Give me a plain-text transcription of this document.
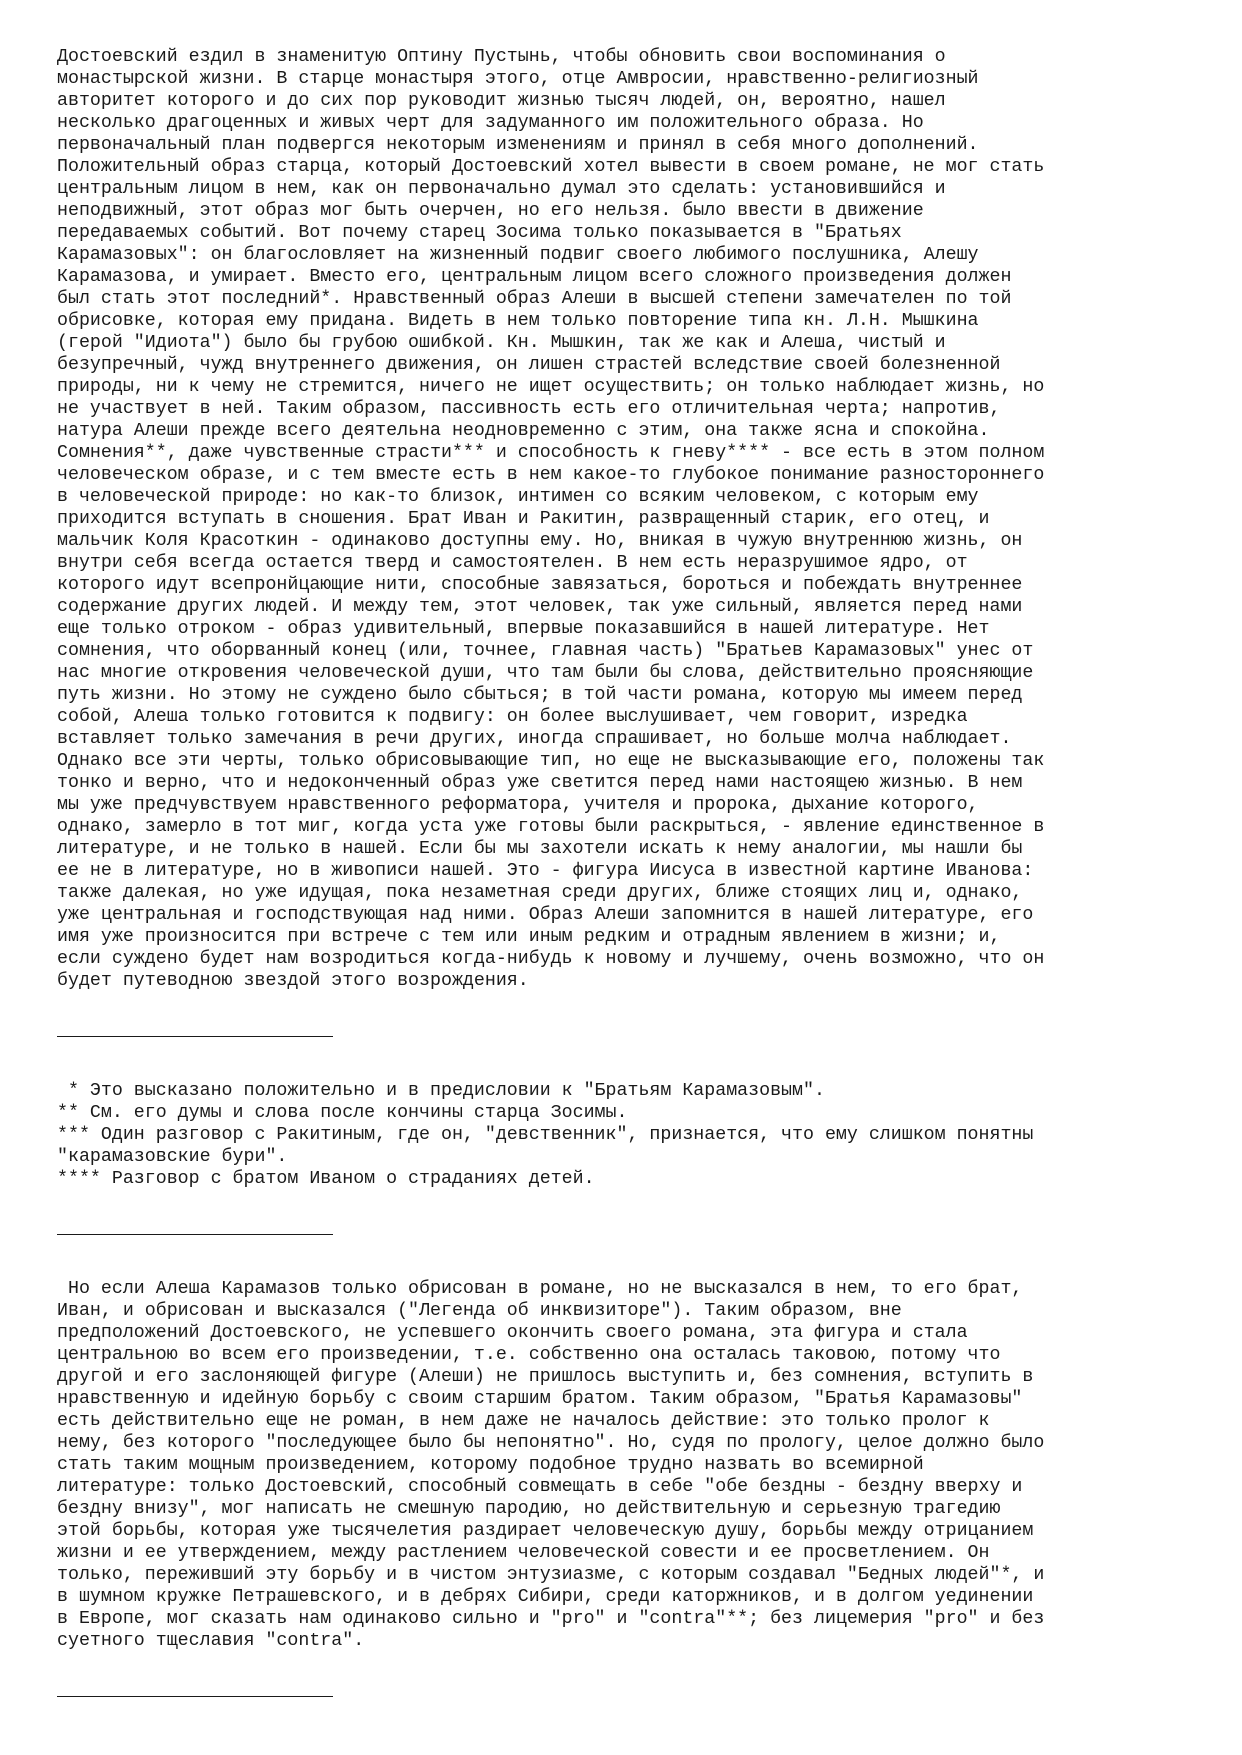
Достоевский ездил в знаменитую Оптину Пустынь, чтобы обновить свои воспоминания о
монастырской жизни. В старце монастыря этого, отце Амвросии, нравственно-религиозный
авторитет которого и до сих пор руководит жизнью тысяч людей, он, вероятно, нашел
несколько драгоценных и живых черт для задуманного им положительного образа. Но
первоначальный план подвергся некоторым изменениям и принял в себя много дополнений.
Положительный образ старца, который Достоевский хотел вывести в своем романе, не мог стать
центральным лицом в нем, как он первоначально думал это сделать: установившийся и
неподвижный, этот образ мог быть очерчен, но его нельзя. было ввести в движение
передаваемых событий. Вот почему старец Зосима только показывается в "Братьях
Карамазовых": он благословляет на жизненный подвиг своего любимого послушника, Алешу
Карамазова, и умирает. Вместо его, центральным лицом всего сложного произведения должен
был стать этот последний*. Нравственный образ Алеши в высшей степени замечателен по той
обрисовке, которая ему придана. Видеть в нем только повторение типа кн. Л.Н. Мышкина
(герой "Идиота") было бы грубою ошибкой. Кн. Мышкин, так же как и Алеша, чистый и
безупречный, чужд внутреннего движения, он лишен страстей вследствие своей болезненной
природы, ни к чему не стремится, ничего не ищет осуществить; он только наблюдает жизнь, но
не участвует в ней. Таким образом, пассивность есть его отличительная черта; напротив,
натура Алеши прежде всего деятельна неодновременно с этим, она также ясна и спокойна.
Сомнения**, даже чувственные страсти*** и способность к гневу**** - все есть в этом полном
человеческом образе, и с тем вместе есть в нем какое-то глубокое понимание разностороннего
в человеческой природе: но как-то близок, интимен со всяким человеком, с которым ему
приходится вступать в сношения. Брат Иван и Ракитин, развращенный старик, его отец, и
мальчик Коля Красоткин - одинаково доступны ему. Но, вникая в чужую внутреннюю жизнь, он
внутри себя всегда остается тверд и самостоятелен. В нем есть неразрушимое ядро, от
которого идут всепронйцающие нити, способные завязаться, бороться и побеждать внутреннее
содержание других людей. И между тем, этот человек, так уже сильный, является перед нами
еще только отроком - образ удивительный, впервые показавшийся в нашей литературе. Нет
сомнения, что оборванный конец (или, точнее, главная часть) "Братьев Карамазовых" унес от
нас многие откровения человеческой души, что там были бы слова, действительно проясняющие
путь жизни. Но этому не суждено было сбыться; в той части романа, которую мы имеем перед
собой, Алеша только готовится к подвигу: он более выслушивает, чем говорит, изредка
вставляет только замечания в речи других, иногда спрашивает, но больше молча наблюдает.
Однако все эти черты, только обрисовывающие тип, но еще не высказывающие его, положены так
тонко и верно, что и недоконченный образ уже светится перед нами настоящею жизнью. В нем
мы уже предчувствуем нравственного реформатора, учителя и пророка, дыхание которого,
однако, замерло в тот миг, когда уста уже готовы были раскрыться, - явление единственное в
литературе, и не только в нашей. Если бы мы захотели искать к нему аналогии, мы нашли бы
ее не в литературе, но в живописи нашей. Это - фигура Иисуса в известной картине Иванова:
также далекая, но уже идущая, пока незаметная среди других, ближе стоящих лиц и, однако,
уже центральная и господствующая над ними. Образ Алеши запомнится в нашей литературе, его
имя уже произносится при встрече с тем или иным редким и отрадным явлением в жизни; и,
если суждено будет нам возродиться когда-нибудь к новому и лучшему, очень возможно, что он
будет путеводною звездой этого возрождения.
* Это высказано положительно и в предисловии к "Братьям Карамазовым".
** См. его думы и слова после кончины старца Зосимы.
*** Один разговор с Ракитиным, где он, "девственник", признается, что ему слишком понятны
"карамазовские бури".
**** Разговор с братом Иваном о страданиях детей.
Но если Алеша Карамазов только обрисован в романе, но не высказался в нем, то его брат,
Иван, и обрисован и высказался ("Легенда об инквизиторе"). Таким образом, вне
предположений Достоевского, не успевшего окончить своего романа, эта фигура и стала
центральною во всем его произведении, т.е. собственно она осталась таковою, потому что
другой и его заслоняющей фигуре (Алеши) не пришлось выступить и, без сомнения, вступить в
нравственную и идейную борьбу с своим старшим братом. Таким образом, "Братья Карамазовы"
есть действительно еще не роман, в нем даже не началось действие: это только пролог к
нему, без которого "последующее было бы непонятно". Но, судя по прологу, целое должно было
стать таким мощным произведением, которому подобное трудно назвать во всемирной
литературе: только Достоевский, способный совмещать в себе "обе бездны - бездну вверху и
бездну внизу", мог написать не смешную пародию, но действительную и серьезную трагедию
этой борьбы, которая уже тысячелетия раздирает человеческую душу, борьбы между отрицанием
жизни и ее утверждением, между растлением человеческой совести и ее просветлением. Он
только, переживший эту борьбу и в чистом энтузиазме, с которым создавал "Бедных людей"*, и
в шумном кружке Петрашевского, и в дебрях Сибири, среди каторжников, и в долгом уединении
в Европе, мог сказать нам одинаково сильно и "pro" и "contra"**; без лицемерия "pro" и без
суетного тщеславия "contra".
